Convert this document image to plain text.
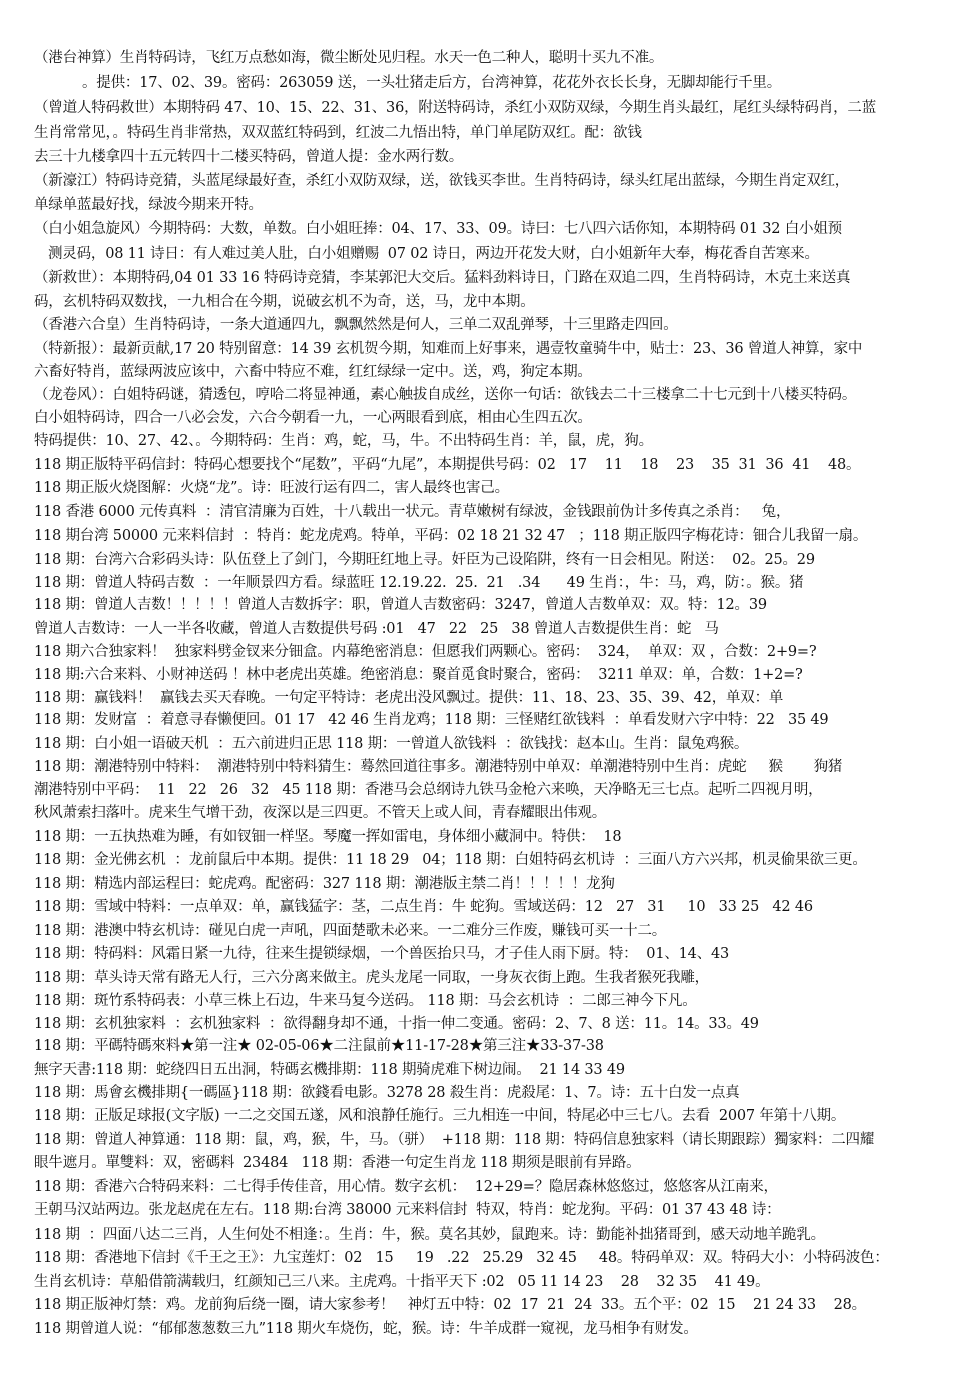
（港台神算）生肖特码诗，飞红万点愁如海，微尘断处见归程。水天一色二种人，聪明十买九不准。
。提供：17、02、39。密码：263059 送，一头壮猪走后方，台湾神算，花花外衣长长身，无脚却能行千里。
（曾道人特码救世）本期特码 47、10、15、22、31、36，附送特码诗，杀红小双防双绿，今期生肖头最红，尾红头绿特码肖，二蓝
生肖常常见，。特码生肖非常热，双双蓝红特码到，红波二九悟出特，单门单尾防双红。配：欲钱
去三十九楼拿四十五元转四十二楼买特码，曾道人提：金水两行数。
（新濠江）特码诗竞猜，头蓝尾绿最好查，杀红小双防双绿，送，欲钱买李世。生肖特码诗，绿头红尾出蓝绿，今期生肖定双红，
单绿单蓝最好找，绿波今期来开特。
（白小姐急旋风）今期特码：大数，单数。白小姐旺捧：04、17、33、09。诗曰：七八四六话你知，本期特码 01 32 白小姐预
测灵码，08 11 诗日：有人难过美人肚，白小姐赠赐  07 02 诗日，两边开花发大财，白小姐新年大奉，梅花香自苦寒来。
（新救世）：本期特码,04 01 33 16 特码诗竞猜，李某郭汜大交后。猛料劲料诗日，门路在双追二四，生肖特码诗，木克土来送真
码，玄机特码双数找，一九相合在今期，说破玄机不为奇，送，马，龙中本期。
（香港六合皇）生肖特码诗，一条大道通四九，飘飘然然是何人，三单二双乱弹琴，十三里路走四回。
（特新报）：最新贡献,17 20 特别留意：14 39 玄机贺今期，知难而上好事来，遇壹牧童骑牛中，贴士：23、36 曾道人神算，家中
六畜好特肖，蓝绿两波应该中，六畜中特应不难，红红绿绿一定中。送，鸡，狗定本期。
（龙卷风）：白姐特码谜，猜透包，哼哈二将显神通，素心触拔自成丝，送你一句话：欲钱去二十三楼拿二十七元到十八楼买特码。
白小姐特码诗，四合一八必会发，六合今朝看一九，一心两眼看到底，相由心生四五次。
特码提供：10、27、42、。今期特码：生肖：鸡，蛇，马，牛。不出特码生肖：羊，鼠，虎，狗。
118 期正版特平码信封：特码心想要找个“尾数”，平码“九尾”，本期提供号码：02   17    11    18    23    35  31  36  41    48。
118 期正版火烧图解：火烧“龙”。诗：旺波行运有四二，害人最终也害己。
118 香港 6000 元传真料  ：清官清廉为百姓，十八载出一状元。青草嫩树有绿波，金钱跟前伪计多传真之杀肖：   兔，
118 期台湾 50000 元来料信封  ：特肖：蛇龙虎鸡。特单，平码：02 18 21 32 47   ；118 期正版四字梅花诗：钿合儿我留一扇。
118 期：台湾六合彩码头诗：队伍登上了剑门，今期旺红地上寻。奸臣为己设陷阱，终有一日会相见。附送：  02。25。29
118 期：曾道人特码吉数  ：一年顺景四方看。绿蓝旺 12.19.22.  25.  21   .34      49 生肖：，牛：马，鸡，防：。猴。猪
118 期：曾道人吉数！！！！！曾道人吉数拆字：职，曾道人吉数密码：3247，曾道人吉数单双：双。特：12。39
曾道人吉数诗：一人一半各收藏，曾道人吉数提供号码 :01   47   22   25   38 曾道人吉数提供生肖：蛇   马
118 期六合独家料！  独家料劈金钗来分钿盒。内幕绝密消息：但愿我们两颗心。密码：  324，  单双：双 ，合数：2+9=?
118 期:六合来料、小财神送码 ！林中老虎出英雄。绝密消息：聚首觅食时聚合，密码：  3211 单双：单，合数：1+2=?
118 期：赢钱料！  赢钱去买天春晚。一句定平特诗：老虎出没风飘过。提供：11、18、23、35、39、42，单双：单
118 期：发财富  ：着意寻春懒便回。01 17   42 46 生肖龙鸡；118 期：三怪赌红欲钱料  ：单看发财六字中特：22   35 49
118 期：白小姐一语破天机  ：五六前进归正思 118 期：一曾道人欲钱料  ：欲钱找：赵本山。生肖：鼠兔鸡猴。
118 期：潮港特别中特料：  潮港特别中特料猜生：蓦然回道往事多。潮港特别中单双：单潮港特别中生肖：虎蛇     猴       狗猪
潮港特别中平码：  11   22   26   32   45 118 期：香港马会总纲诗九铁马金枪六来唤，天净略无三七点。起听二四视月明，
秋风萧索扫落叶。虎来生气增干劲，夜深以是三四更。不管天上或人间，青春耀眼出伟观。
118 期：一五执热难为睡，有如钗钿一样坚。琴魔一挥如雷电，身体细小藏洞中。特供：  18
118 期：金光佛玄机  ：龙前鼠后中本期。提供：11 18 29   04；118 期：白姐特码玄机诗  ：三面八方六兴邦，机灵偷果欲三更。
118 期：精选内部运程曰：蛇虎鸡。配密码：327 118 期：潮港版主禁二肖！！！！！龙狗
118 期：雪域中特料：一点单双：单，赢钱猛字：茎，二点生肖：牛 蛇狗。雪域送码：12   27   31     10   33 25   42 46
118 期：港澳中特玄机诗：碰见白虎一声吼，四面楚歌未必来。一二难分三作废，赚钱可买一十二。
118 期：特码料：风霜日紧一九待，往来生提锁绿烟，一个兽医抬只马，才子佳人雨下厨。特：  01、14、43
118 期：草头诗天常有路无人行，三六分离来做主。虎头龙尾一同取，一身灰衣街上跑。生我者猴死我雕，
118 期：斑竹系特码表：小草三株上石边，牛来马复今送码。 118 期：马会玄机诗  ：二郎三神今下凡。
118 期：玄机独家料  ：玄机独家料  ：欲得翻身却不通，十指一伸二变通。密码：2、7、8 送：11。14。33。49
118 期：平碼特碼來料★第一注★ 02-05-06★二注鼠前★11-17-28★第三注★33-37-38
無字天書:118 期：蛇绕四日五出洞，特碼玄機排期：118 期骑虎难下树边闹。  21 14 33 49
118 期：馬會玄機排期{一碼區}118 期：欲錢看电影。3278 28 殺生肖：虎殺尾：1、7。诗：五十白发一点真
118 期：正版足球报(文字版) 一二之交国五遂，风和浪静任施行。三九相连一中间，特尾必中三七八。去看  2007 年第十八期。
118 期：曾道人神算通：118 期：鼠，鸡，猴，牛，马。（骈）  +118 期：118 期：特码信息独家料（请长期跟踪）獨家料：二四耀
眼牛遮月。單雙料：双，密碼料  23484   118 期：香港一句定生肖龙 118 期须是眼前有异路。
118 期：香港六合特码来料：二七得手传佳音，用心情。数字玄机：  12+29=？隐居森林悠悠过，悠悠客从江南来，
王朝马汉站两边。张龙赵虎在左右。118 期:台湾 38000 元来料信封  特双，特肖：蛇龙狗。平码：01 37 43 48 诗：
118 期  ：四面八达二三肖，人生何处不相逢：。生肖：牛，猴。莫名其妙，鼠跑来。诗：勤能补拙猪哥到，感天动地羊跪乳。
118 期：香港地下信封《千王之王》：九宝莲灯：02   15     19   .22   25.29   32 45     48。特码单双：双。特码大小：小特码波色：
生肖玄机诗：草船借箭满载归，红颜知己三八来。主虎鸡。十指平天下 :02   05 11 14 23    28    32 35    41 49。
118 期正版神灯禁：鸡。龙前狗后绕一圈，请大家参考！   神灯五中特：02  17  21  24  33。五个平：02  15    21 24 33    28。
118 期曾道人说：“郁郁葱葱数三九”118 期火车烧伤，蛇，猴。诗：牛羊成群一窥视，龙马相争有财发。
